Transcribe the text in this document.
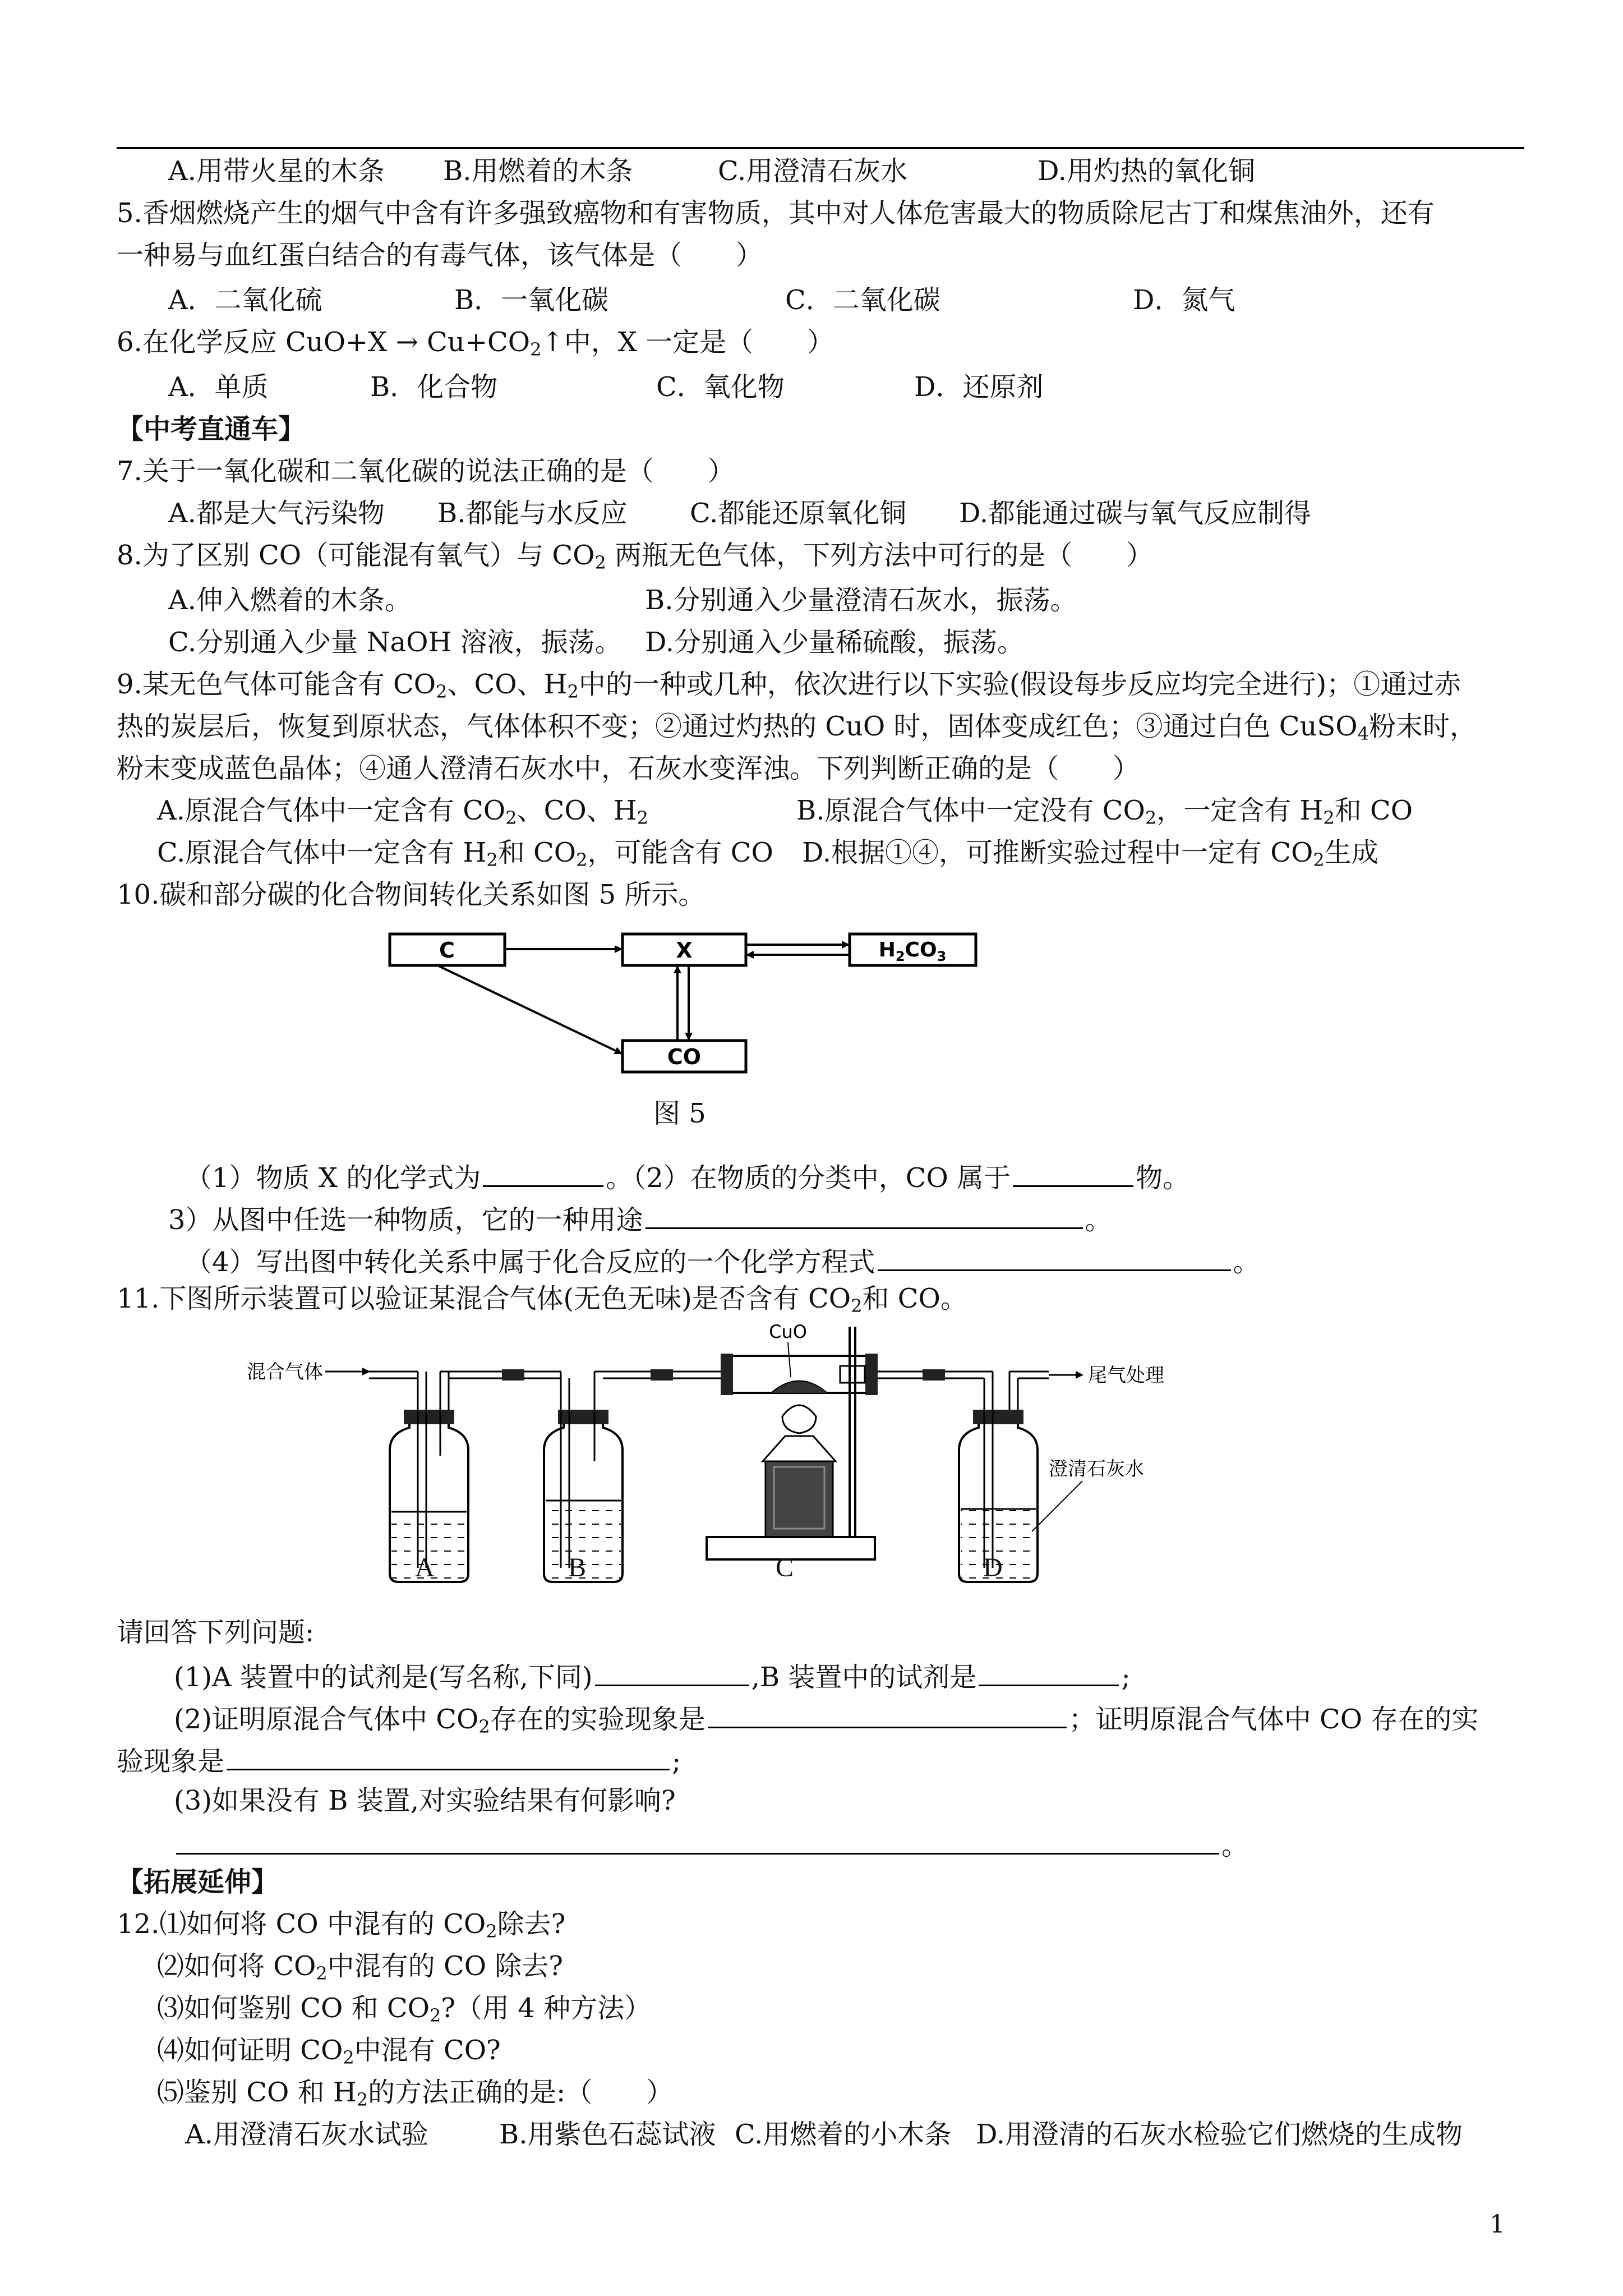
A.用带火星的木条 B.用燃着的木条	C.用澄清石灰水	D.用灼热的氧化铜
5.香烟燃烧产生的烟气中含有许多强致癌物和有害物质，其中对人体危害最大的物质除尼古丁和煤焦油外，还有
一种易与血红蛋白结合的有毒气体，该气体是（　　）
A．二氧化硫	B．一氧化碳	C．二氧化碳	D．氮气
6.在化学反应 $CuO+X \to Cu+CO_2↑$中，X 一定是（　　）
A．单质	B．化合物	C．氧化物	D．还原剂
【中考直通车】
7.关于一氧化碳和二氧化碳的说法正确的是（　　）
A.都是大气污染物 B.都能与水反应 C.都能还原氧化铜 D.都能通过碳与氧气反应制得
8.为了区别 CO（可能混有氧气）与 $CO_2$ 两瓶无色气体，下列方法中可行的是（　　）
A.伸入燃着的木条。	B.分别通入少量澄清石灰水，振荡。
C.分别通入少量 NaOH 溶液，振荡。 D.分别通入少量稀硫酸，振荡。
9.某无色气体可能含有 $CO_2$、CO、$H_2$中的一种或几种，依次进行以下实验(假设每步反应均完全进行)；①通过赤
热的炭层后，恢复到原状态，气体体积不变；②通过灼热的 CuO 时，固体变成红色；③通过白色 CuSO$_4$粉末时，
粉末变成蓝色晶体；④通人澄清石灰水中，石灰水变浑浊。下列判断正确的是（　　）
A.原混合气体中一定含有 $CO_2$、CO、$H_2$	B.原混合气体中一定没有 $CO_2$，一定含有 $H_2$和 CO
C.原混合气体中一定含有 $H_2$和 $CO_2$，可能含有 CO D.根据①④，可推断实验过程中一定有 $CO_2$生成
10.碳和部分碳的化合物间转化关系如图 5 所示。
C	X	$H_2CO_3$
CO
图 5
（1）物质 X 的化学式为	。（2）在物质的分类中，CO 属于	物。
3）从图中任选一种物质，它的一种用途	。
（4）写出图中转化关系中属于化合反应的一个化学方程式	。
11.下图所示装置可以验证某混合气体(无色无味)是否含有 $CO_2$和 CO。
混合气体
CuO
尾气处理
澄清石灰水
A	B	C	D
请回答下列问题:
(1)A 装置中的试剂是(写名称,下同)	,B 装置中的试剂是	;
(2)证明原混合气体中 $CO_2$存在的实验现象是	；证明原混合气体中 CO 存在的实
验现象是	;
(3)如果没有 B 装置,对实验结果有何影响?
。
【拓展延伸】
12.⑴如何将 CO 中混有的 $CO_2$除去?
⑵如何将 $CO_2$中混有的 CO 除去?
⑶如何鉴别 CO 和 $CO_2$?（用 4 种方法）
⑷如何证明 $CO_2$中混有 CO?
⑸鉴别 CO 和 $H_2$的方法正确的是:（　　）
A.用澄清石灰水试验	B.用紫色石蕊试液 C.用燃着的小木条 D.用澄清的石灰水检验它们燃烧的生成物
1
